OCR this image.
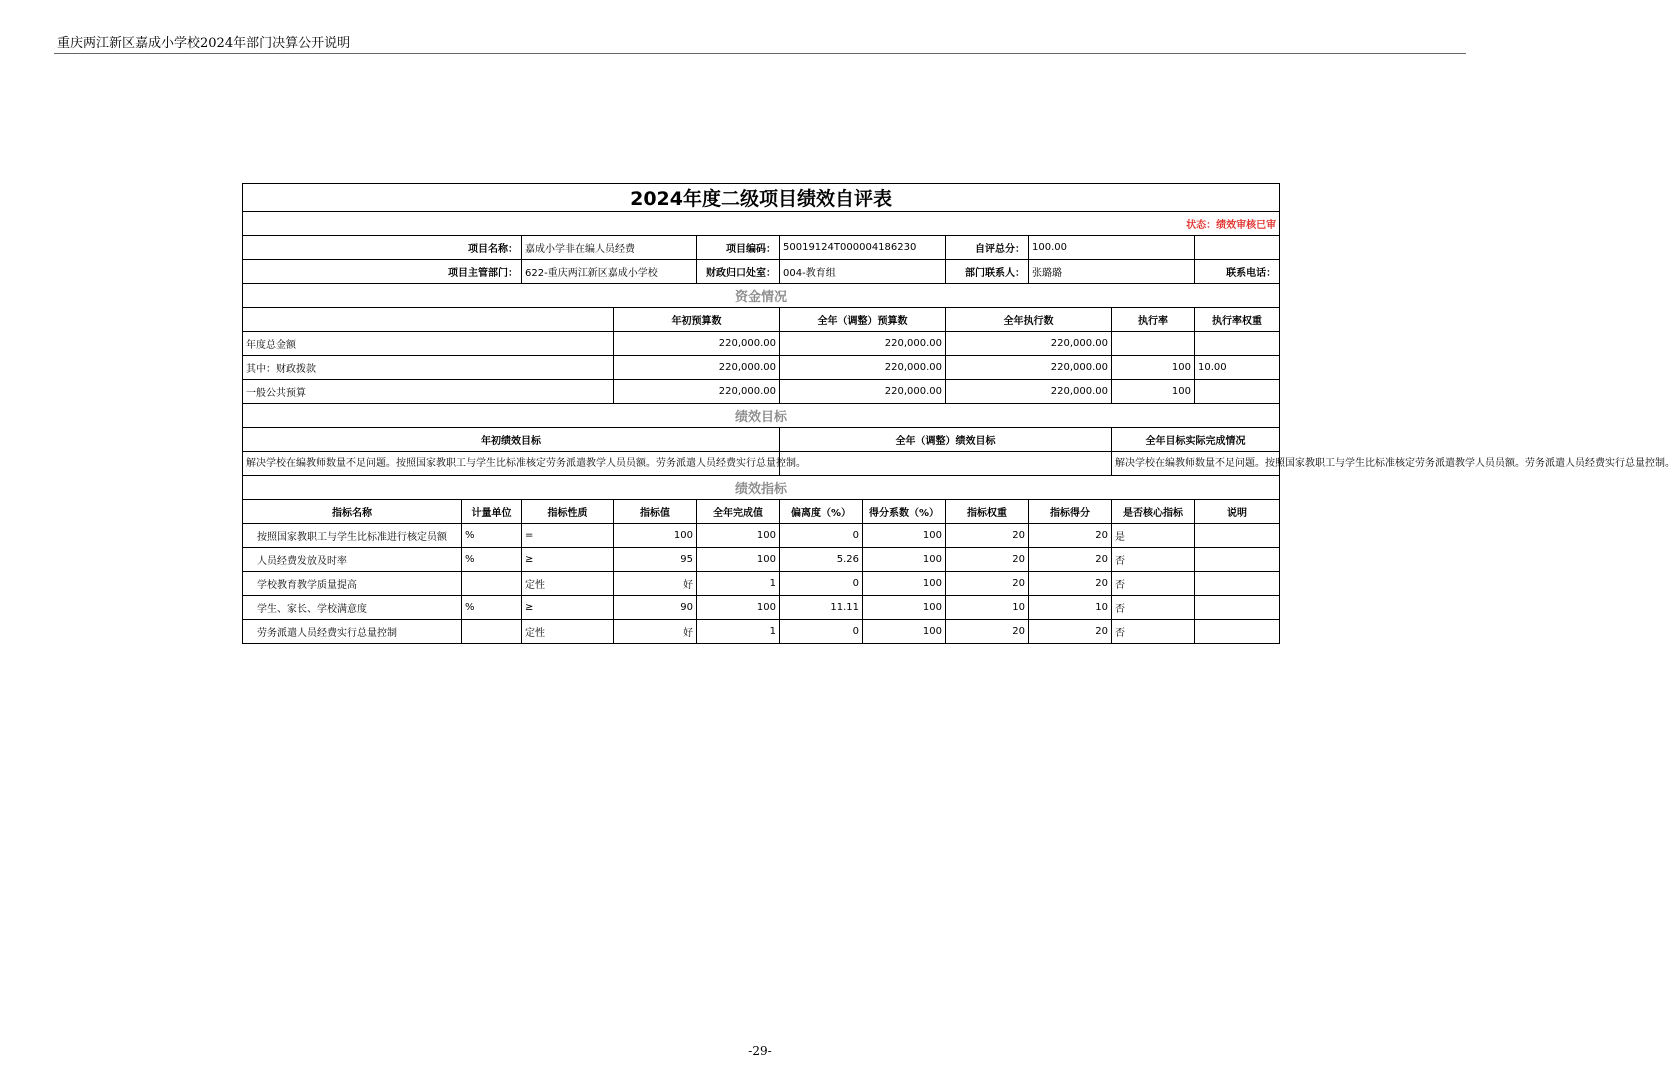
重庆两江新区嘉成小学校2024年部门决算公开说明
2024年度二级项目绩效自评表											
状态：绩效审核已审											
项目名称：		嘉成小学非在编人员经费		项目编码：	50019124T000004186230		自评总分：	100.00			
项目主管部门：		622-重庆两江新区嘉成小学校		财政归口处室：	004-教育组		部门联系人：	张璐璐		联系电话：	
资金情况											
			年初预算数		全年（调整）预算数		全年执行数		执行率	执行率权重	
年度总金额			220,000.00		220,000.00		220,000.00				
其中：财政拨款			220,000.00		220,000.00		220,000.00		100	10.00	
一般公共预算			220,000.00		220,000.00		220,000.00		100		
绩效目标											
年初绩效目标					全年（调整）绩效目标				全年目标实际完成情况		
解决学校在编教师数量不足问题。按照国家教职工与学生比标准核定劳务派遣教学人员员额。劳务派遣人员经费实行总量控制。									解决学校在编教师数量不足问题。按照国家教职工与学生比标准核定劳务派遣教学人员员额。劳务派遣人员经费实行总量控制。		
绩效指标											
指标名称	计量单位	指标性质	指标值	全年完成值	偏离度（%）	得分系数（%）	指标权重	指标得分	是否核心指标	说明	
按照国家教职工与学生比标准进行核定员额	%	=	100	100	0	100	20	20	是		
人员经费发放及时率	%	≥	95	100	5.26	100	20	20	否		
学校教育教学质量提高		定性	好	1	0	100	20	20	否		
学生、家长、学校满意度	%	≥	90	100	11.11	100	10	10	否		
劳务派遣人员经费实行总量控制		定性	好	1	0	100	20	20	否		
-29-
